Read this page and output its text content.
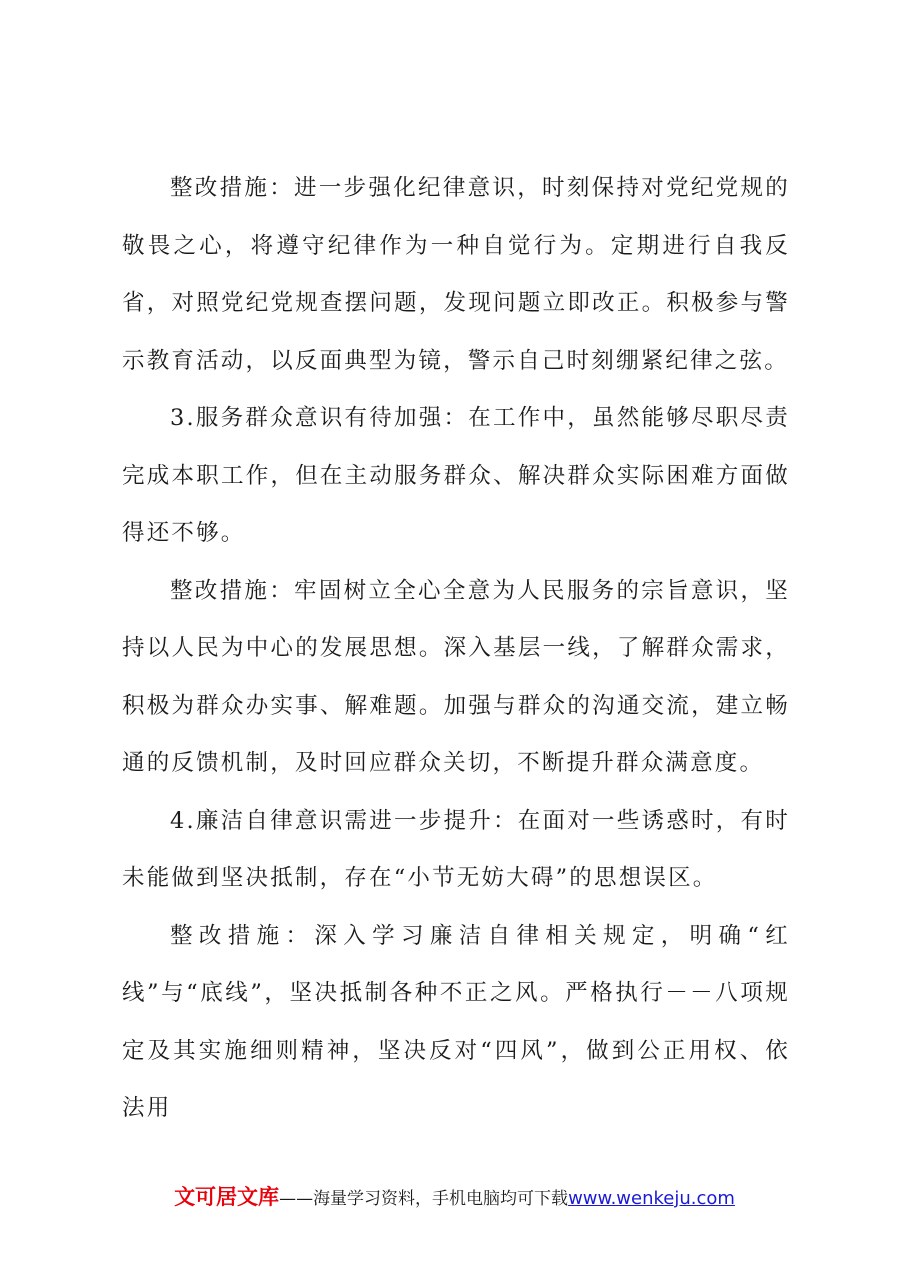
整改措施：进一步强化纪律意识，时刻保持对党纪党规的敬畏之心，将遵守纪律作为一种自觉行为。定期进行自我反省，对照党纪党规查摆问题，发现问题立即改正。积极参与警示教育活动，以反面典型为镜，警示自己时刻绷紧纪律之弦。

3.服务群众意识有待加强：在工作中，虽然能够尽职尽责完成本职工作，但在主动服务群众、解决群众实际困难方面做得还不够。

整改措施：牢固树立全心全意为人民服务的宗旨意识，坚持以人民为中心的发展思想。深入基层一线，了解群众需求，积极为群众办实事、解难题。加强与群众的沟通交流，建立畅通的反馈机制，及时回应群众关切，不断提升群众满意度。

4.廉洁自律意识需进一步提升：在面对一些诱惑时，有时未能做到坚决抵制，存在“小节无妨大碍”的思想误区。

整改措施：深入学习廉洁自律相关规定，明确“红线”与“底线”，坚决抵制各种不正之风。严格执行－－八项规定及其实施细则精神，坚决反对“四风”，做到公正用权、依法用

文可居文库——海量学习资料，手机电脑均可下载www.wenkeju.com
